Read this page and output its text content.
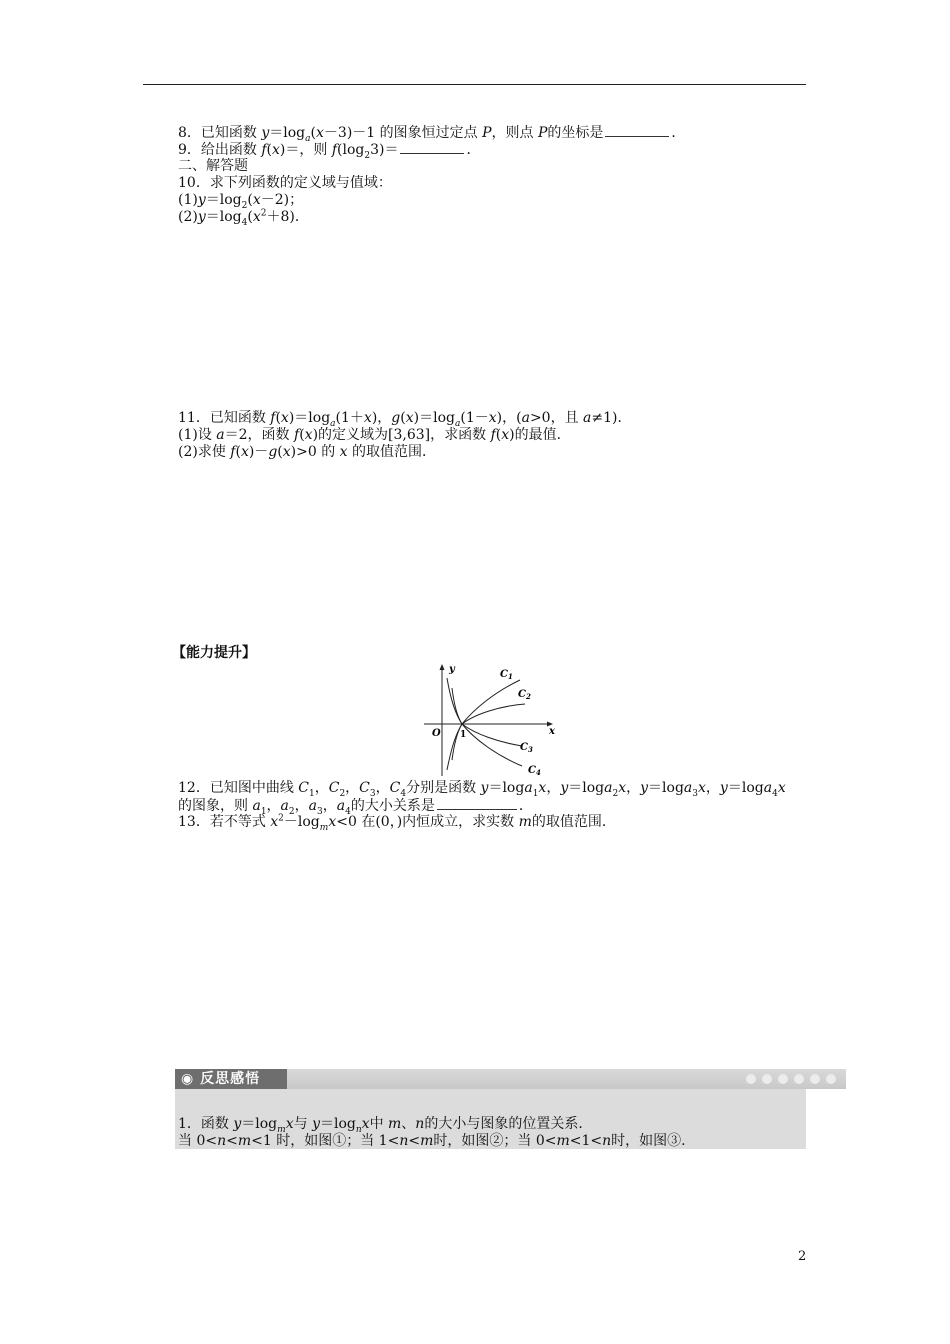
8．已知函数 $y=\log_a(x-3)-1$ 的图象恒过定点 P，则点 P的坐标是	．
9．给出函数 f(x)＝，则 $f(\log_23)=$	．
二、解答题
10．求下列函数的定义域与值域：
$(1)y=\log_2(x-2)$；
$(2)y=\log_4(x^2+8)$．
11．已知函数 $f(x)=\log_a(1+x)$，$g(x)=\log_a(1-x)$，(a>0，且 a≠1)．
(1)设 a＝2，函数 f(x)的定义域为[3,63]，求函数 f(x)的最值．
(2)求使 f(x)－g(x)>0 的 x 的取值范围．
【能力提升】
y
x
O 1
$C_1$
$C_2$
$C_3$
$C_4$
12．已知图中曲线 $C_1$，$C_2$，$C_3$，$C_4$分别是函数 y＝loga$_1$x，y＝loga$_2$x，y＝loga$_3$x，y＝loga$_4$x
的图象，则 $a_1$，$a_2$，$a_3$，$a_4$的大小关系是	．
13．若不等式 $x^2-\log_mx<0$ 在(0，)内恒成立，求实数 m的取值范围．
◉ 反思感悟
1．函数 $y=\log_mx$与 $y=\log_nx$中 m、n的大小与图象的位置关系．
当 0<n<m<1 时，如图①；当 1<n<m时，如图②；当 0<m<1<n时，如图③.
2
